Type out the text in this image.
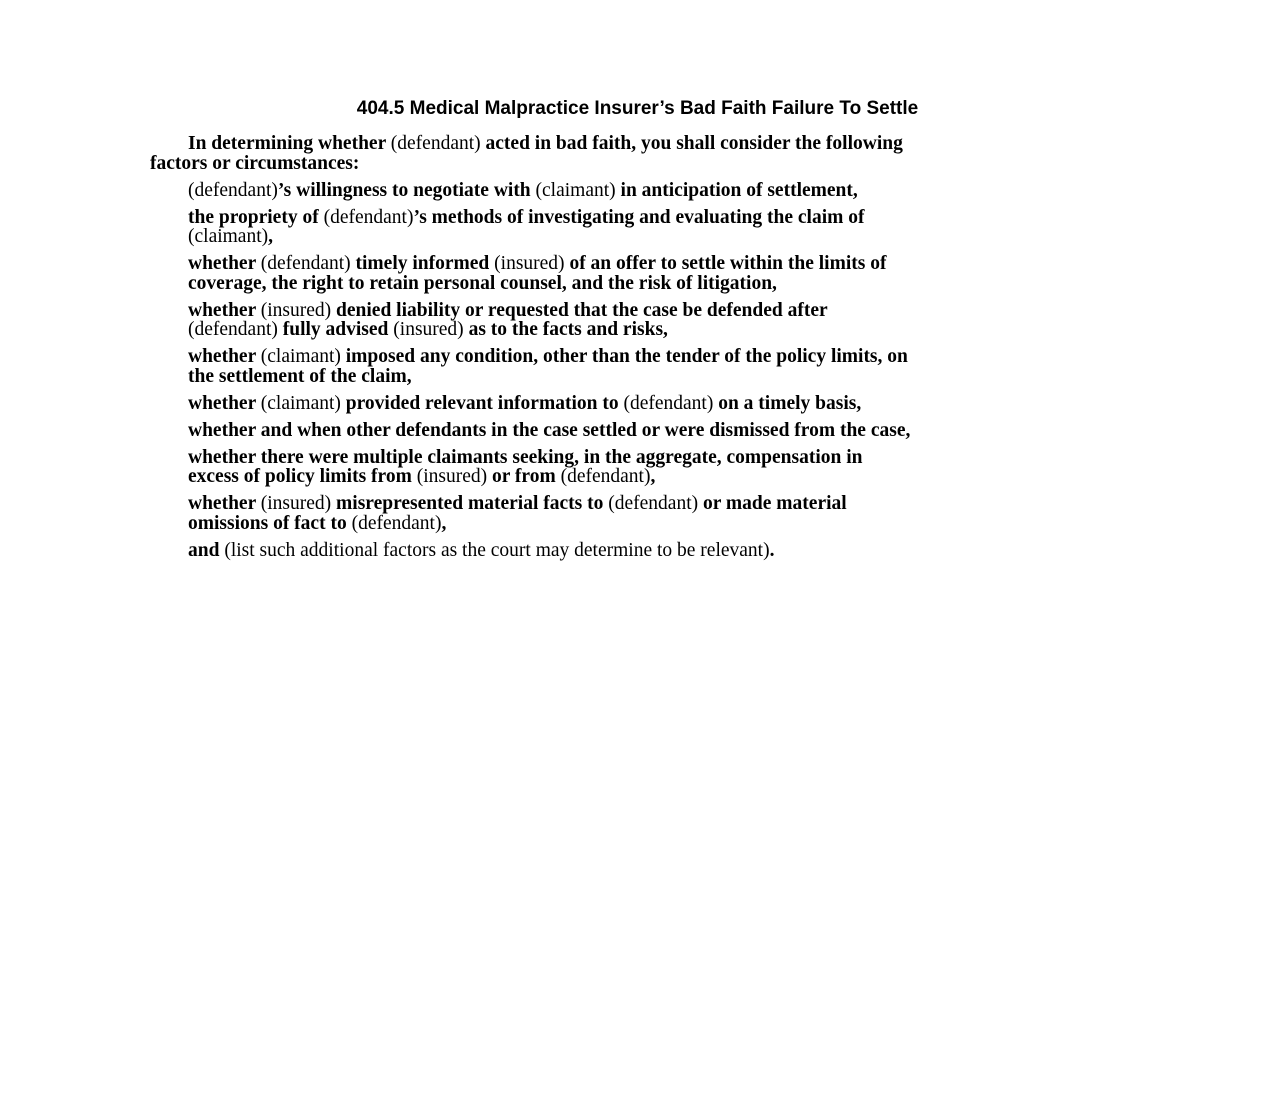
404.5 Medical Malpractice Insurer’s Bad Faith Failure To Settle
In determining whether (defendant) acted in bad faith, you shall consider the following
factors or circumstances:
(defendant)’s willingness to negotiate with (claimant) in anticipation of settlement,
the propriety of (defendant)’s methods of investigating and evaluating the claim of
(claimant),
whether (defendant) timely informed (insured) of an offer to settle within the limits of
coverage, the right to retain personal counsel, and the risk of litigation,
whether (insured) denied liability or requested that the case be defended after
(defendant) fully advised (insured) as to the facts and risks,
whether (claimant) imposed any condition, other than the tender of the policy limits, on
the settlement of the claim,
whether (claimant) provided relevant information to (defendant) on a timely basis,
whether and when other defendants in the case settled or were dismissed from the case,
whether there were multiple claimants seeking, in the aggregate, compensation in
excess of policy limits from (insured) or from (defendant),
whether (insured) misrepresented material facts to (defendant) or made material
omissions of fact to (defendant),
and (list such additional factors as the court may determine to be relevant).
